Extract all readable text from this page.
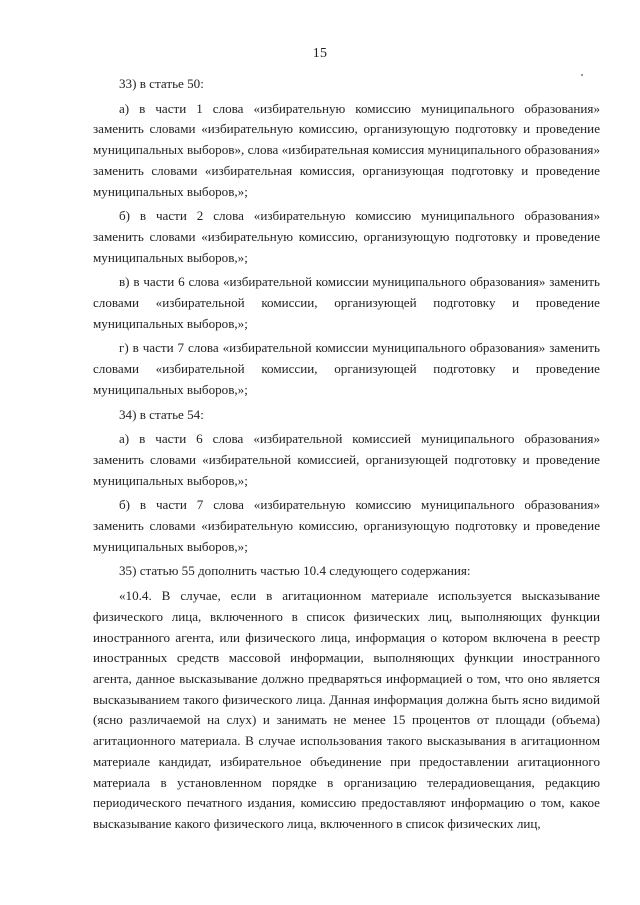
15

33) в статье 50:

а) в части 1 слова «избирательную комиссию муниципального образования» заменить словами «избирательную комиссию, организующую подготовку и проведение муниципальных выборов», слова «избирательная комиссия муниципального образования» заменить словами «избирательная комиссия, организующая подготовку и проведение муниципальных выборов,»;

б) в части 2 слова «избирательную комиссию муниципального образования» заменить словами «избирательную комиссию, организующую подготовку и проведение муниципальных выборов,»;

в) в части 6 слова «избирательной комиссии муниципального образования» заменить словами «избирательной комиссии, организующей подготовку и проведение муниципальных выборов,»;

г) в части 7 слова «избирательной комиссии муниципального образования» заменить словами «избирательной комиссии, организующей подготовку и проведение муниципальных выборов,»;

34) в статье 54:

а) в части 6 слова «избирательной комиссией муниципального образования» заменить словами «избирательной комиссией, организующей подготовку и проведение муниципальных выборов,»;

б) в части 7 слова «избирательную комиссию муниципального образования» заменить словами «избирательную комиссию, организующую подготовку и проведение муниципальных выборов,»;

35) статью 55 дополнить частью 10.4 следующего содержания:

«10.4. В случае, если в агитационном материале используется высказывание физического лица, включенного в список физических лиц, выполняющих функции иностранного агента, или физического лица, информация о котором включена в реестр иностранных средств массовой информации, выполняющих функции иностранного агента, данное высказывание должно предваряться информацией о том, что оно является высказыванием такого физического лица. Данная информация должна быть ясно видимой (ясно различаемой на слух) и занимать не менее 15 процентов от площади (объема) агитационного материала. В случае использования такого высказывания в агитационном материале кандидат, избирательное объединение при предоставлении агитационного материала в установленном порядке в организацию телерадиовещания, редакцию периодического печатного издания, комиссию предоставляют информацию о том, какое высказывание какого физического лица, включенного в список физических лиц,
